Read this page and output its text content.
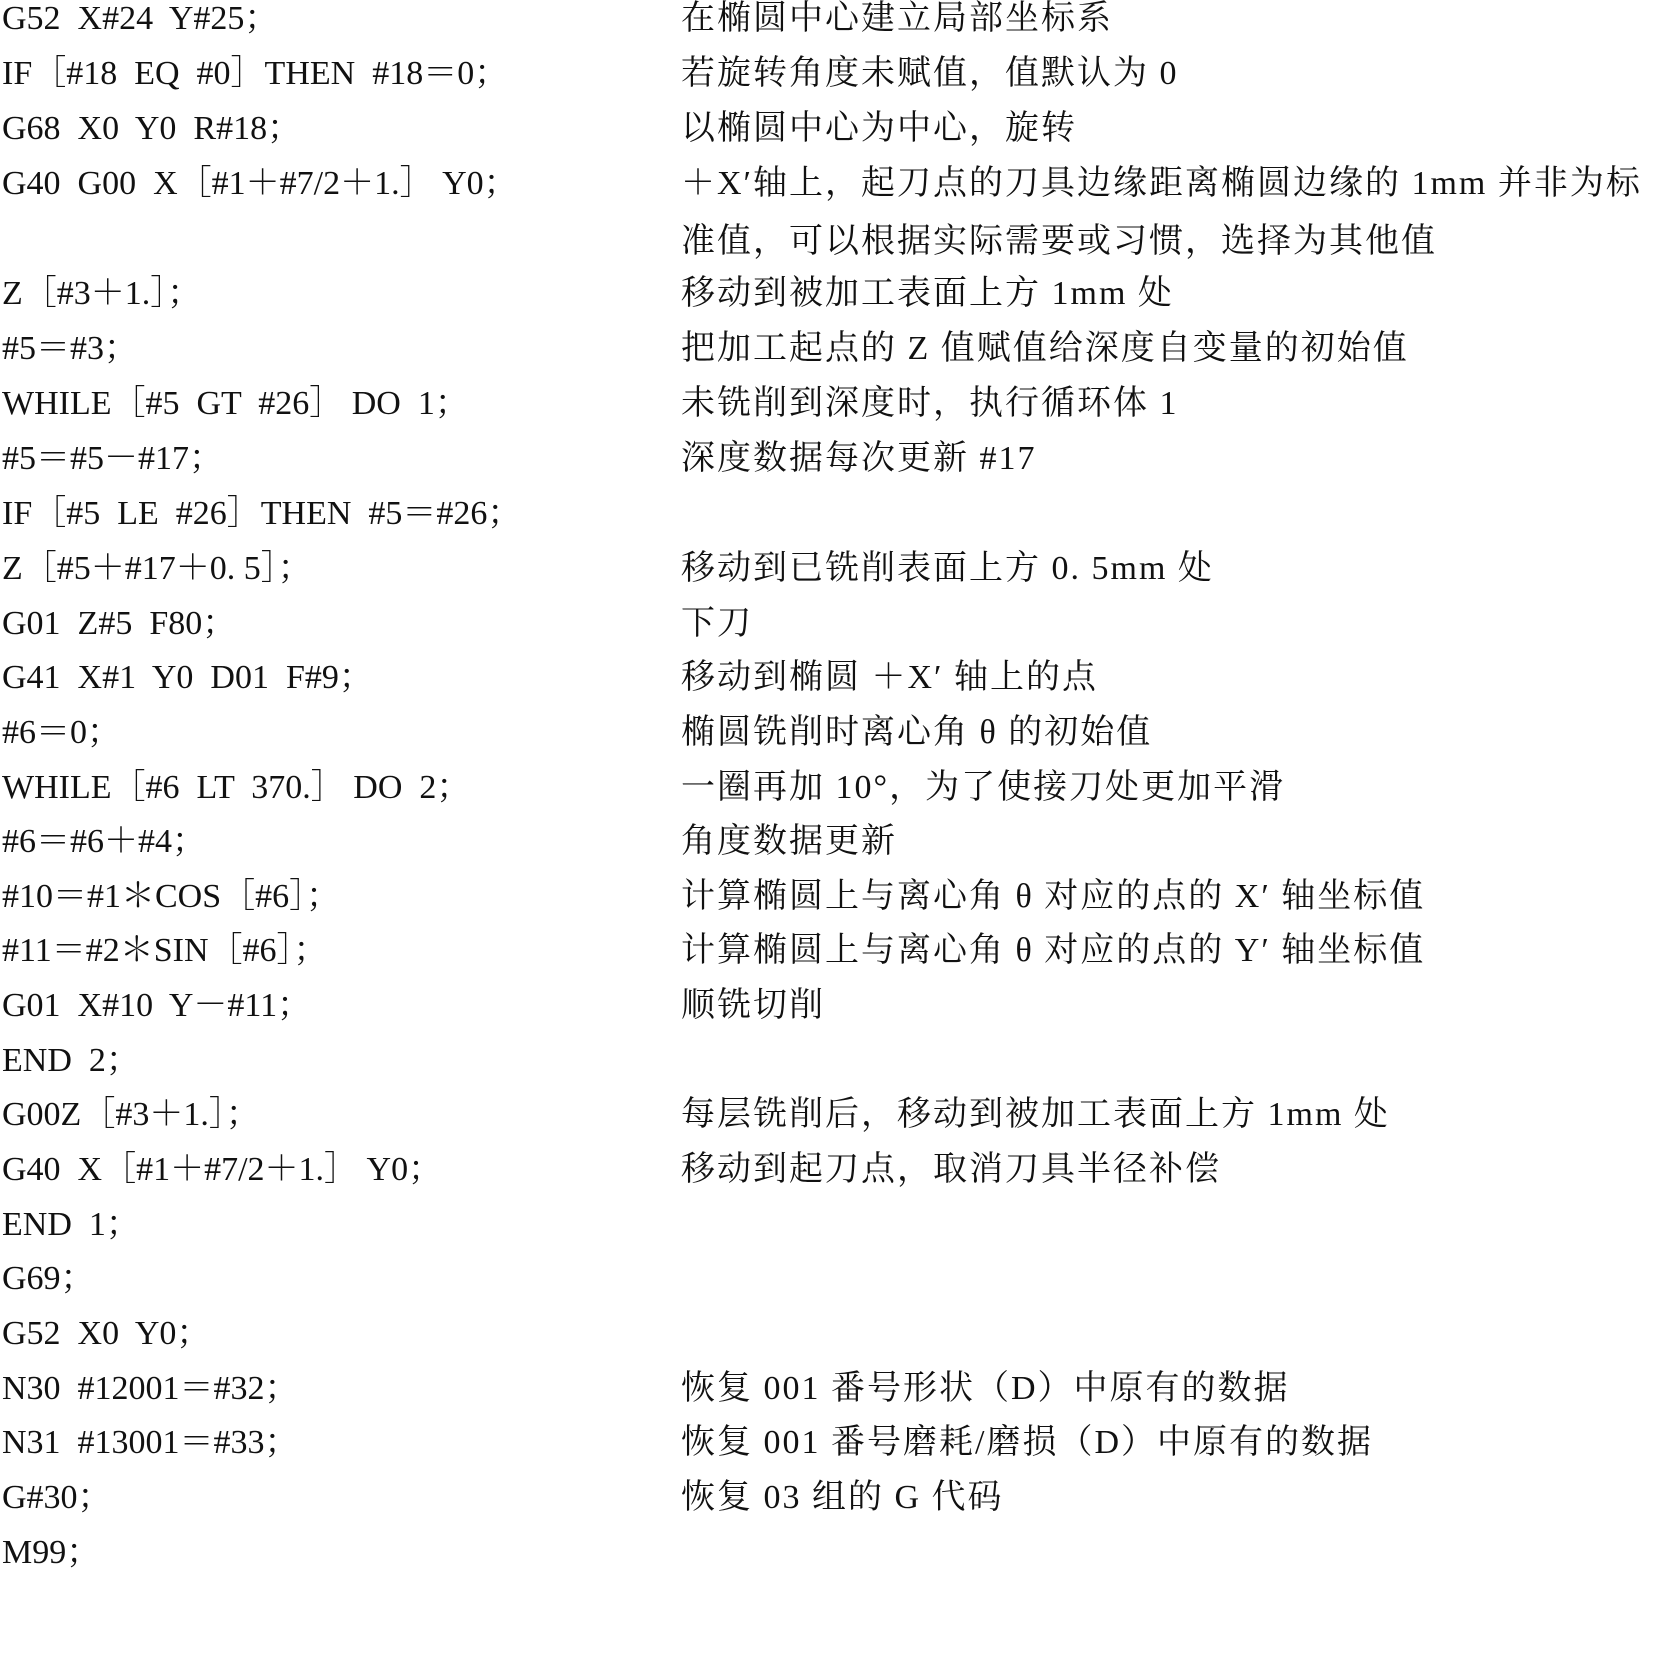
G52  X#24  Y#25；	在椭圆中心建立局部坐标系
IF［#18  EQ  #0］THEN  #18＝0；	若旋转角度未赋值，值默认为 0
G68  X0  Y0  R#18；	以椭圆中心为中心，旋转
G40  G00  X［#1＋#7/2＋1.］ Y0；	＋X′轴上，起刀点的刀具边缘距离椭圆边缘的 1mm 并非为标准值，可以根据实际需要或习惯，选择为其他值
Z［#3＋1.］；	移动到被加工表面上方 1mm 处
#5＝#3；	把加工起点的 Z 值赋值给深度自变量的初始值
WHILE［#5  GT  #26］ DO  1；	未铣削到深度时，执行循环体 1
#5＝#5－#17；	深度数据每次更新 #17
IF［#5  LE  #26］THEN  #5＝#26；
Z［#5＋#17＋0. 5］；	移动到已铣削表面上方 0. 5mm 处
G01  Z#5  F80；	下刀
G41  X#1  Y0  D01  F#9；	移动到椭圆 ＋X′ 轴上的点
#6＝0；	椭圆铣削时离心角 θ 的初始值
WHILE［#6  LT  370.］ DO  2；	一圈再加 10°，为了使接刀处更加平滑
#6＝#6＋#4；	角度数据更新
#10＝#1＊COS［#6］；	计算椭圆上与离心角 θ 对应的点的 X′ 轴坐标值
#11＝#2＊SIN［#6］；	计算椭圆上与离心角 θ 对应的点的 Y′ 轴坐标值
G01  X#10  Y－#11；	顺铣切削
END  2；
G00Z［#3＋1.］；	每层铣削后，移动到被加工表面上方 1mm 处
G40  X［#1＋#7/2＋1.］ Y0；	移动到起刀点，取消刀具半径补偿
END  1；
G69；
G52  X0  Y0；
N30  #12001＝#32；	恢复 001 番号形状（D）中原有的数据
N31  #13001＝#33；	恢复 001 番号磨耗/磨损（D）中原有的数据
G#30；	恢复 03 组的 G 代码
M99；
